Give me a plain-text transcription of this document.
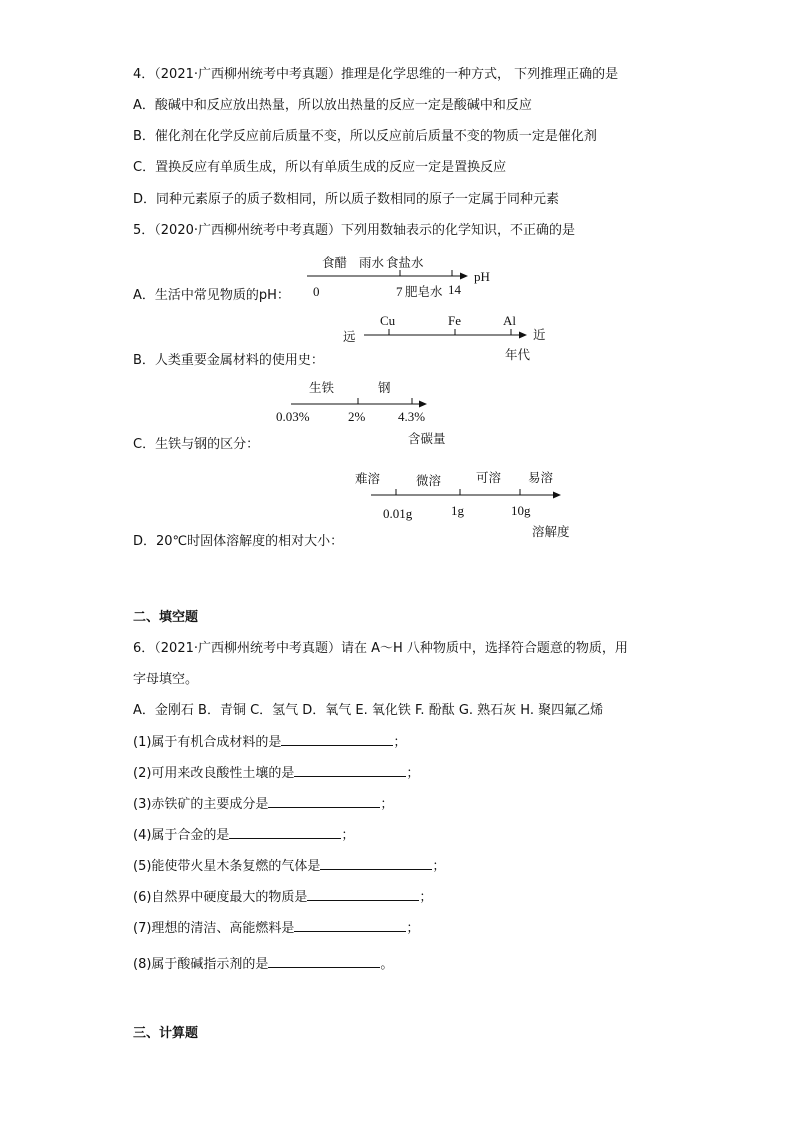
4．（2021·广西柳州统考中考真题）推理是化学思维的一种方式， 下列推理正确的是
A．酸碱中和反应放出热量，所以放出热量的反应一定是酸碱中和反应
B．催化剂在化学反应前后质量不变，所以反应前后质量不变的物质一定是催化剂
C．置换反应有单质生成，所以有单质生成的反应一定是置换反应
D．同种元素原子的质子数相同，所以质子数相同的原子一定属于同种元素
5．（2020·广西柳州统考中考真题）下列用数轴表示的化学知识，不正确的是
A．生活中常见物质的pH：
食醋 雨水 食盐水
pH
0	7 肥皂水 14
B．人类重要金属材料的使用史：
远
Cu	Fe	Al
近
年代
C．生铁与钢的区分：
生铁	钢
0.03%	2%	4.3%
含碳量
D．20℃时固体溶解度的相对大小：
难溶	微溶	可溶 易溶
0.01g	1g	10g
溶解度
二、填空题
6．（2021·广西柳州统考中考真题）请在 A～H 八种物质中，选择符合题意的物质，用
字母填空。
A．金刚石 B．青铜 C．氢气 D．氧气 E. 氧化铁 F. 酚酞 G. 熟石灰 H. 聚四氟乙烯
(1)属于有机合成材料的是	；
(2)可用来改良酸性土壤的是	；
(3)赤铁矿的主要成分是	；
(4)属于合金的是	；
(5)能使带火星木条复燃的气体是	；
(6)自然界中硬度最大的物质是	；
(7)理想的清洁、高能燃料是	；
(8)属于酸碱指示剂的是	。
三、计算题
